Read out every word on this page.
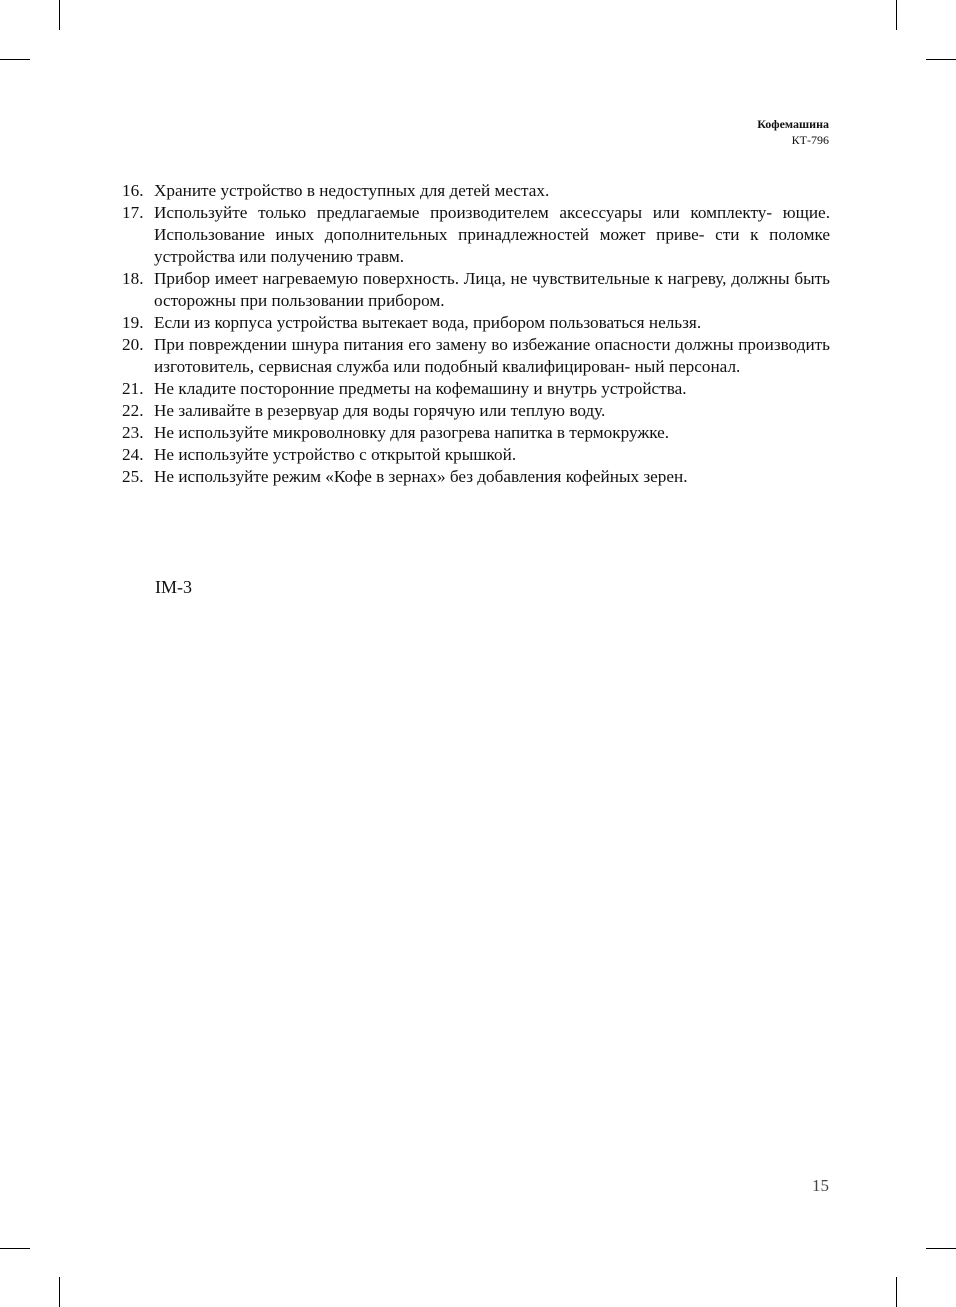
Кофемашина
КТ-796
16. Храните устройство в недоступных для детей местах.
17. Используйте только предлагаемые производителем аксессуары или комплекту- ющие. Использование иных дополнительных принадлежностей может приве- сти к поломке устройства или получению травм.
18. Прибор имеет нагреваемую поверхность. Лица, не чувствительные к нагреву, должны быть осторожны при пользовании прибором.
19. Если из корпуса устройства вытекает вода, прибором пользоваться нельзя.
20. При повреждении шнура питания его замену во избежание опасности должны производить изготовитель, сервисная служба или подобный квалифицирован- ный персонал.
21. Не кладите посторонние предметы на кофемашину и внутрь устройства.
22. Не заливайте в резервуар для воды горячую или теплую воду.
23. Не используйте микроволновку для разогрева напитка в термокружке.
24. Не используйте устройство с открытой крышкой.
25. Не используйте режим «Кофе в зернах» без добавления кофейных зерен.
IM-3
15
